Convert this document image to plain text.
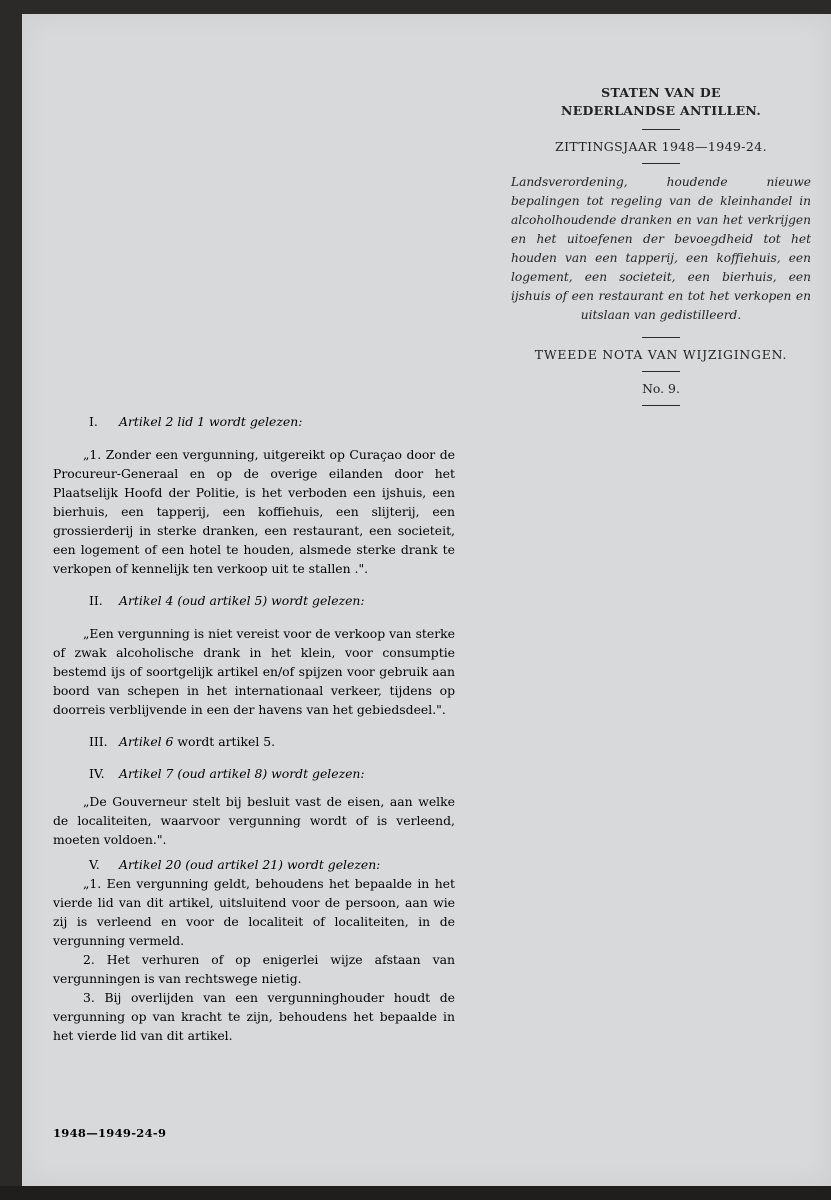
STATEN VAN DE
NEDERLANDSE ANTILLEN.
ZITTINGSJAAR 1948—1949-24.
Landsverordening, houdende nieuwe bepalingen tot regeling van de kleinhandel in alcoholhoudende dranken en van het verkrijgen en het uitoefenen der bevoegdheid tot het houden van een tapperij, een koffiehuis, een logement, een societeit, een bierhuis, een ijshuis of een restaurant en tot het verkopen en uitslaan van gedistilleerd.
TWEEDE NOTA VAN WIJZIGINGEN.
No. 9.

I. Artikel 2 lid 1 wordt gelezen:

„1. Zonder een vergunning, uitgereikt op Curaçao door de Procureur-Generaal en op de overige eilanden door het Plaatselijk Hoofd der Politie, is het verboden een ijshuis, een bierhuis, een tapperij, een koffiehuis, een slijterij, een grossierderij in sterke dranken, een restaurant, een societeit, een logement of een hotel te houden, alsmede sterke drank te verkopen of kennelijk ten verkoop uit te stallen .".

II. Artikel 4 (oud artikel 5) wordt gelezen:

„Een vergunning is niet vereist voor de verkoop van sterke of zwak alcoholische drank in het klein, voor consumptie bestemd ijs of soortgelijk artikel en/of spijzen voor gebruik aan boord van schepen in het internationaal verkeer, tijdens op doorreis verblijvende in een der havens van het gebiedsdeel.".

III. Artikel 6 wordt artikel 5.

IV. Artikel 7 (oud artikel 8) wordt gelezen:

„De Gouverneur stelt bij besluit vast de eisen, aan welke de localiteiten, waarvoor vergunning wordt of is verleend, moeten voldoen.".

V. Artikel 20 (oud artikel 21) wordt gelezen:

„1. Een vergunning geldt, behoudens het bepaalde in het vierde lid van dit artikel, uitsluitend voor de persoon, aan wie zij is verleend en voor de localiteit of localiteiten, in de vergunning vermeld.

2. Het verhuren of op enigerlei wijze afstaan van vergunningen is van rechtswege nietig.

3. Bij overlijden van een vergunninghouder houdt de vergunning op van kracht te zijn, behoudens het bepaalde in het vierde lid van dit artikel.

1948—1949-24-9
